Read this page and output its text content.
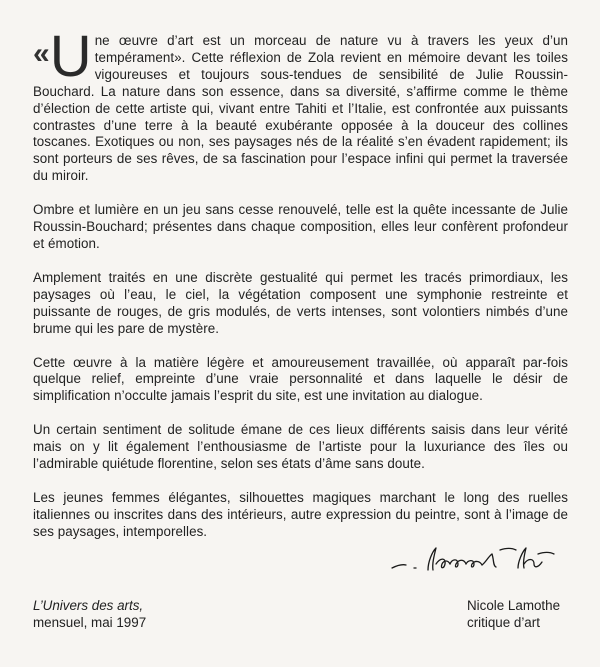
« U ne œuvre d’art est un morceau de nature vu à travers les yeux d’un tempérament». Cette réflexion de Zola revient en mémoire devant les toiles vigoureuses et toujours sous-tendues de sensibilité de Julie Roussin-Bouchard. La nature dans son essence, dans sa diversité, s’affirme comme le thème d’élection de cette artiste qui, vivant entre Tahiti et l’Italie, est confrontée aux puissants contrastes d’une terre à la beauté exubérante opposée à la douceur des collines toscanes. Exotiques ou non, ses paysages nés de la réalité s’en évadent rapidement; ils sont porteurs de ses rêves, de sa fascination pour l’espace infini qui permet la traversée du miroir.

Ombre et lumière en un jeu sans cesse renouvelé, telle est la quête incessante de Julie Roussin-Bouchard; présentes dans chaque composition, elles leur confèrent profondeur et émotion.

Amplement traités en une discrète gestualité qui permet les tracés primordiaux, les paysages où l’eau, le ciel, la végétation composent une symphonie restreinte et puissante de rouges, de gris modulés, de verts intenses, sont volontiers nimbés d’une brume qui les pare de mystère.

Cette œuvre à la matière légère et amoureusement travaillée, où apparaît par-fois quelque relief, empreinte d’une vraie personnalité et dans laquelle le désir de simplification n’occulte jamais l’esprit du site, est une invitation au dialogue.

Un certain sentiment de solitude émane de ces lieux différents saisis dans leur vérité mais on y lit également l’enthousiasme de l’artiste pour la luxuriance des îles ou l’admirable quiétude florentine, selon ses états d’âme sans doute.

Les jeunes femmes élégantes, silhouettes magiques marchant le long des ruelles italiennes ou inscrites dans des intérieurs, autre expression du peintre, sont à l’image de ses paysages, intemporelles.

L’Univers des arts,
mensuel, mai 1997
Nicole Lamothe
critique d’art
